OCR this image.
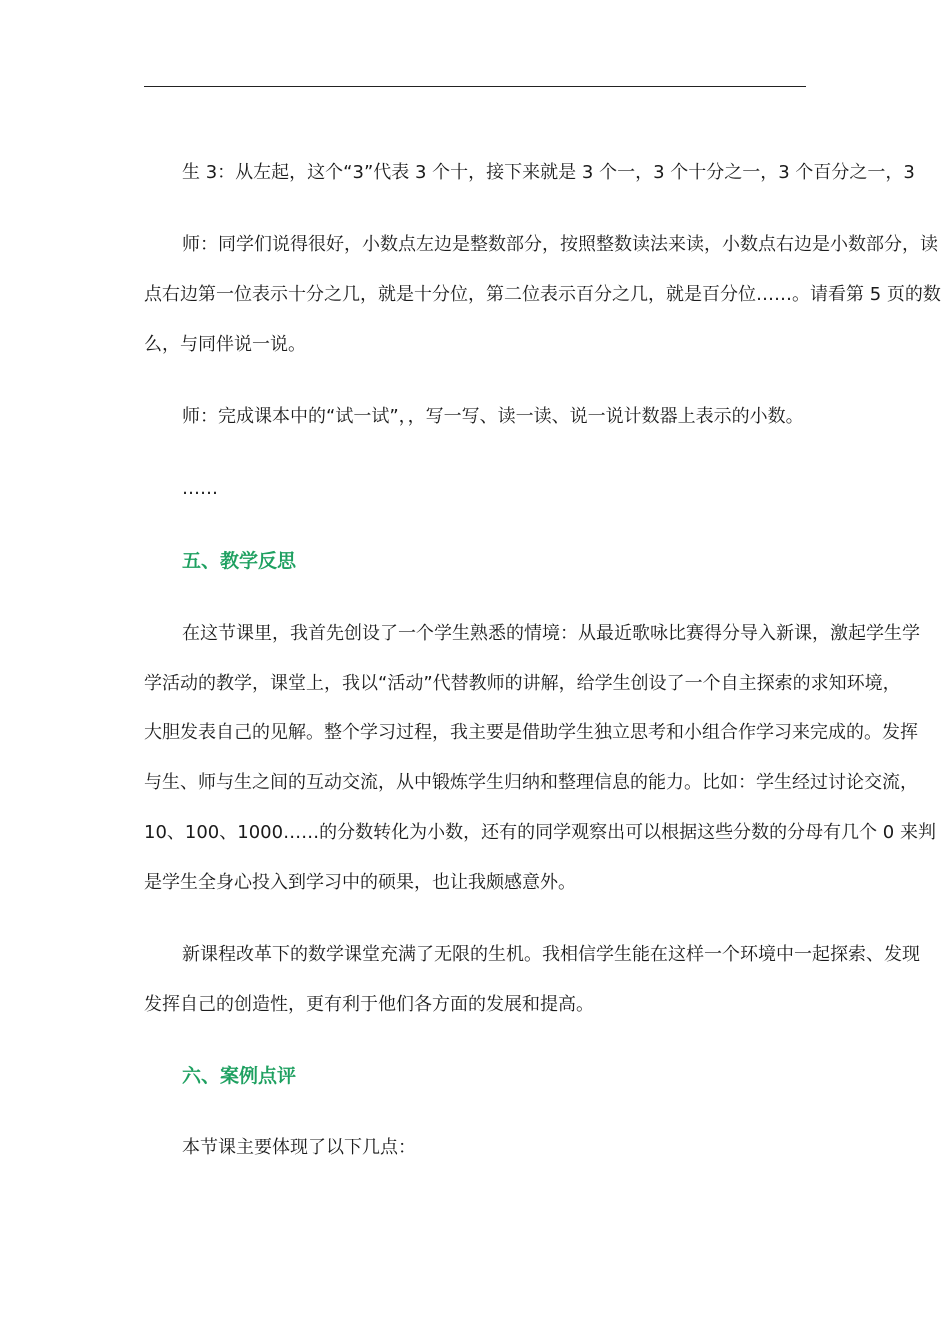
生 3：从左起，这个“3”代表 3 个十，接下来就是 3 个一，3 个十分之一，3 个百分之一，3
师：同学们说得很好，小数点左边是整数部分，按照整数读法来读，小数点右边是小数部分，读
点右边第一位表示十分之几，就是十分位，第二位表示百分之几，就是百分位……。请看第 5 页的数
么，与同伴说一说。
师：完成课本中的“试一试”，，写一写、读一读、说一说计数器上表示的小数。
……
五、教学反思
在这节课里，我首先创设了一个学生熟悉的情境：从最近歌咏比赛得分导入新课，激起学生学
学活动的教学，课堂上，我以“活动”代替教师的讲解，给学生创设了一个自主探索的求知环境，
大胆发表自己的见解。整个学习过程，我主要是借助学生独立思考和小组合作学习来完成的。发挥
与生、师与生之间的互动交流，从中锻炼学生归纳和整理信息的能力。比如：学生经过讨论交流，
10、100、1000……的分数转化为小数，还有的同学观察出可以根据这些分数的分母有几个 0 来判
是学生全身心投入到学习中的硕果，也让我颇感意外。
新课程改革下的数学课堂充满了无限的生机。我相信学生能在这样一个环境中一起探索、发现
发挥自己的创造性，更有利于他们各方面的发展和提高。
六、案例点评
本节课主要体现了以下几点：
